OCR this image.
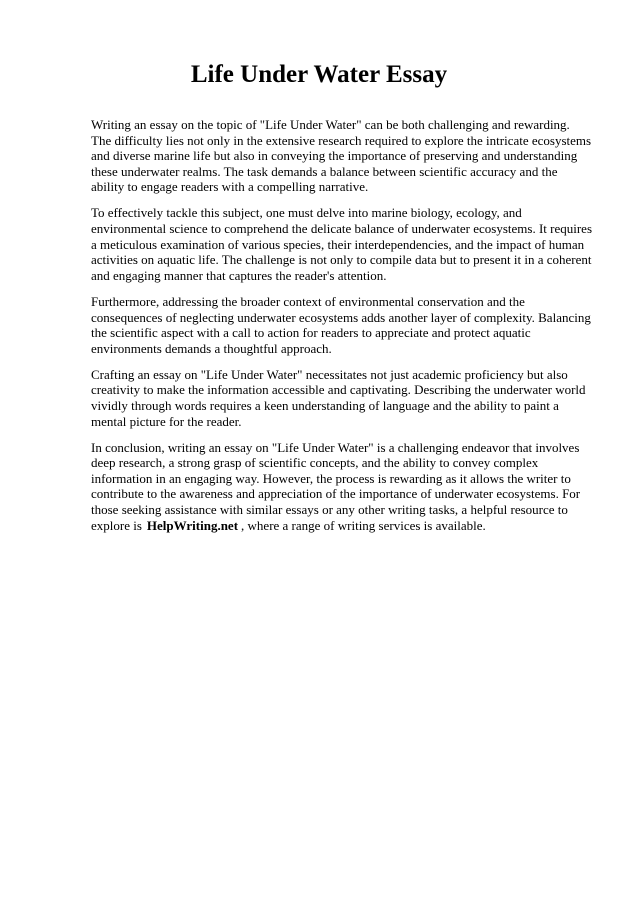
Life Under Water Essay

Writing an essay on the topic of "Life Under Water" can be both challenging and rewarding. The difficulty lies not only in the extensive research required to explore the intricate ecosystems and diverse marine life but also in conveying the importance of preserving and understanding these underwater realms. The task demands a balance between scientific accuracy and the ability to engage readers with a compelling narrative.

To effectively tackle this subject, one must delve into marine biology, ecology, and environmental science to comprehend the delicate balance of underwater ecosystems. It requires a meticulous examination of various species, their interdependencies, and the impact of human activities on aquatic life. The challenge is not only to compile data but to present it in a coherent and engaging manner that captures the reader's attention.

Furthermore, addressing the broader context of environmental conservation and the consequences of neglecting underwater ecosystems adds another layer of complexity. Balancing the scientific aspect with a call to action for readers to appreciate and protect aquatic environments demands a thoughtful approach.

Crafting an essay on "Life Under Water" necessitates not just academic proficiency but also creativity to make the information accessible and captivating. Describing the underwater world vividly through words requires a keen understanding of language and the ability to paint a mental picture for the reader.

In conclusion, writing an essay on "Life Under Water" is a challenging endeavor that involves deep research, a strong grasp of scientific concepts, and the ability to convey complex information in an engaging way. However, the process is rewarding as it allows the writer to contribute to the awareness and appreciation of the importance of underwater ecosystems. For those seeking assistance with similar essays or any other writing tasks, a helpful resource to explore is HelpWriting.net , where a range of writing services is available.
